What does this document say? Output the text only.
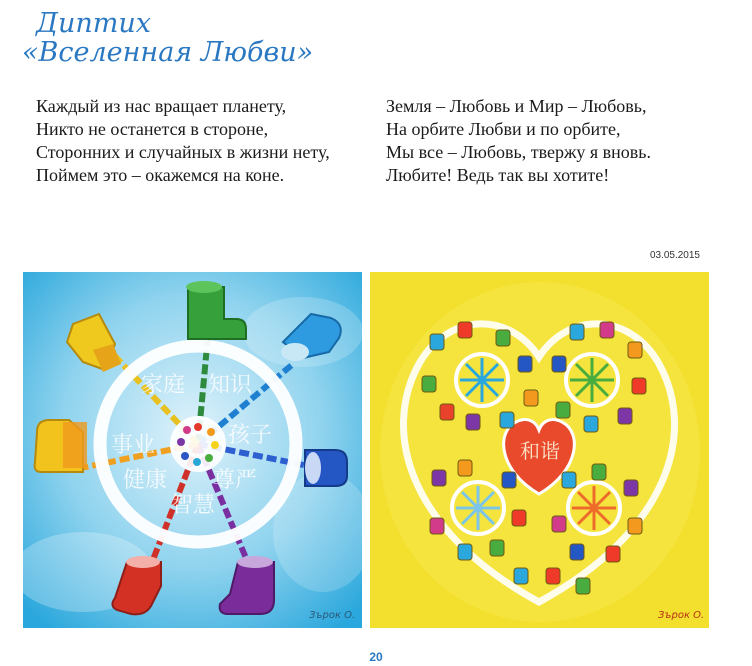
Диптих
«Вселенная Любви»
Каждый из нас вращает планету,
Никто не останется в стороне,
Сторонних и случайных в жизни нету,
Поймем это – окажемся на коне.
Земля – Любовь и Мир – Любовь,
На орбите Любви и по орбите,
Мы все – Любовь, твержу я вновь.
Любите! Ведь так вы хотите!
03.05.2015
家庭 知识
事业	孩子
健康 尊严
智慧
Зърок О.
和谐
Зърок О.
20
